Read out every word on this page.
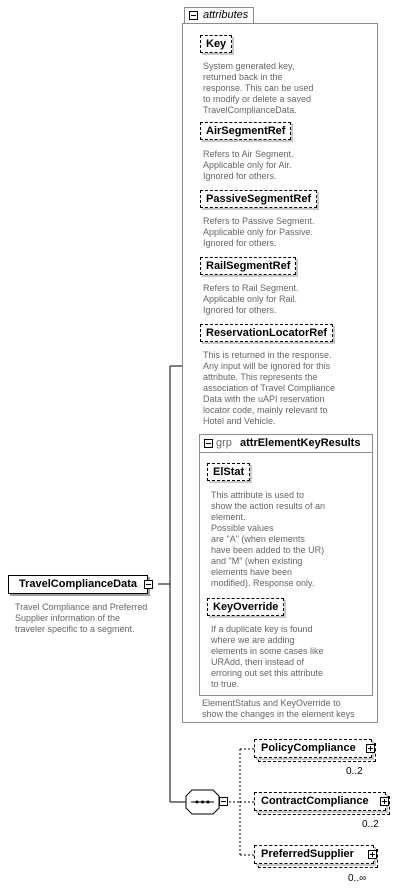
attributes
Key
System generated key,
returned back in the
response. This can be used
to modify or delete a saved
TravelComplianceData.
AirSegmentRef
Refers to Air Segment.
Applicable only for Air.
Ignored for others.
PassiveSegmentRef
Refers to Passive Segment.
Applicable only for Passive.
Ignored for others.
RailSegmentRef
Refers to Rail Segment.
Applicable only for Rail.
Ignored for others.
ReservationLocatorRef
This is returned in the response.
Any input will be ignored for this
attribute. This represents the
association of Travel Compliance
Data with the uAPI reservation
locator code, mainly relevant to
Hotel and Vehicle.
grp attrElementKeyResults
ElStat
This attribute is used to
show the action results of an
element.
Possible values
are "A" (when elements
have been added to the UR)
and "M" (when existing
elements have been
modified). Response only.
KeyOverride
If a duplicate key is found
where we are adding
elements in some cases like
URAdd, then instead of
erroring out set this attribute
to true.
ElementStatus and KeyOverride to
show the changes in the element keys
TravelComplianceData
Travel Compliance and Preferred
Supplier information of the
traveler specific to a segment.
PolicyCompliance
0..2
ContractCompliance
0..2
PreferredSupplier
0..∞
